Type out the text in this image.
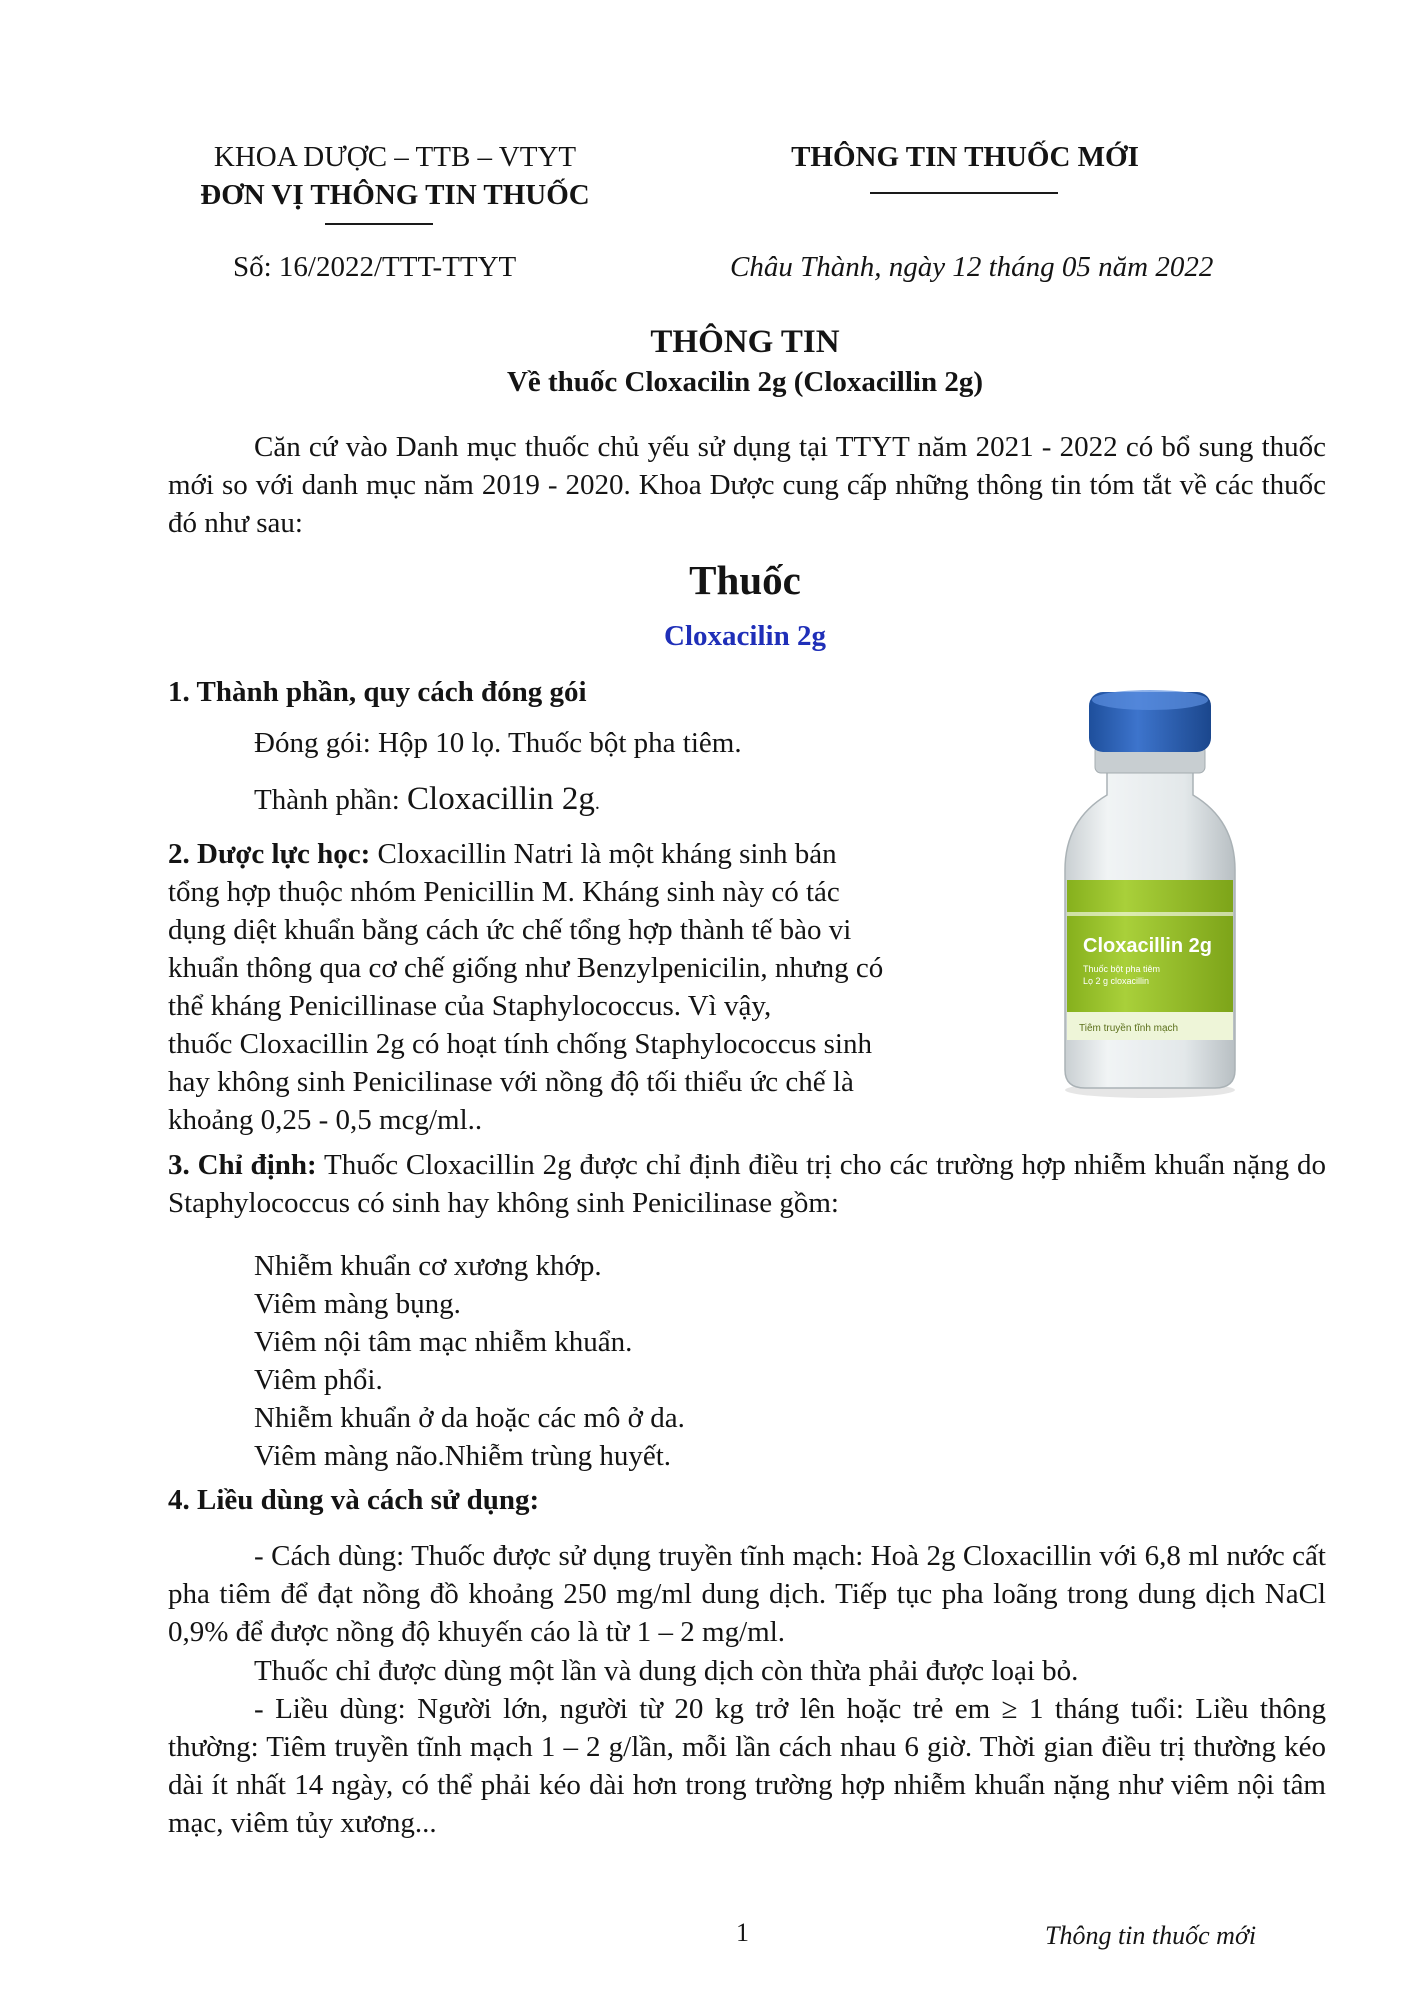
KHOA DƯỢC – TTB – VTYT
ĐƠN VỊ THÔNG TIN THUỐC
THÔNG TIN THUỐC MỚI
Số: 16/2022/TTT-TTYT	Châu Thành, ngày 12 tháng 05 năm 2022
THÔNG TIN
Về thuốc Cloxacilin 2g (Cloxacillin 2g)
Căn cứ vào Danh mục thuốc chủ yếu sử dụng tại TTYT năm 2021 - 2022 có bổ sung thuốc mới so với danh mục năm 2019 - 2020. Khoa Dược cung cấp những thông tin tóm tắt về các thuốc đó như sau:
Thuốc
Cloxacilin 2g
1. Thành phần, quy cách đóng gói
Đóng gói: Hộp 10 lọ. Thuốc bột pha tiêm.
Thành phần: Cloxacillin 2g.
2. Dược lực học: Cloxacillin Natri là một kháng sinh bán
tổng hợp thuộc nhóm Penicillin M. Kháng sinh này có tác
dụng diệt khuẩn bằng cách ức chế tổng hợp thành tế bào vi
khuẩn thông qua cơ chế giống như Benzylpenicilin, nhưng có
thể kháng Penicillinase của Staphylococcus. Vì vậy,
thuốc Cloxacillin 2g có hoạt tính chống Staphylococcus sinh
hay không sinh Penicilinase với nồng độ tối thiểu ức chế là
khoảng 0,25 - 0,5 mcg/ml..
Cloxacillin 2g
Thuốc bột pha tiêm
Lọ 2 g cloxacillin
Tiêm truyền tĩnh mạch
3. Chỉ định: Thuốc Cloxacillin 2g được chỉ định điều trị cho các trường hợp nhiễm khuẩn nặng do Staphylococcus có sinh hay không sinh Penicilinase gồm:
Nhiễm khuẩn cơ xương khớp.
Viêm màng bụng.
Viêm nội tâm mạc nhiễm khuẩn.
Viêm phổi.
Nhiễm khuẩn ở da hoặc các mô ở da.
Viêm màng não.Nhiễm trùng huyết.
4. Liều dùng và cách sử dụng:
- Cách dùng: Thuốc được sử dụng truyền tĩnh mạch: Hoà 2g Cloxacillin với 6,8 ml nước cất pha tiêm để đạt nồng đồ khoảng 250 mg/ml dung dịch. Tiếp tục pha loãng trong dung dịch NaCl 0,9% để được nồng độ khuyến cáo là từ 1 – 2 mg/ml.
Thuốc chỉ được dùng một lần và dung dịch còn thừa phải được loại bỏ.
- Liều dùng: Người lớn, người từ 20 kg trở lên hoặc trẻ em ≥ 1 tháng tuổi: Liều thông thường: Tiêm truyền tĩnh mạch 1 – 2 g/lần, mỗi lần cách nhau 6 giờ. Thời gian điều trị thường kéo dài ít nhất 14 ngày, có thể phải kéo dài hơn trong trường hợp nhiễm khuẩn nặng như viêm nội tâm mạc, viêm tủy xương...
1	Thông tin thuốc mới
